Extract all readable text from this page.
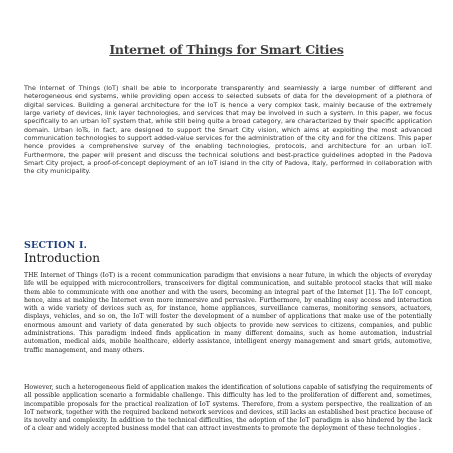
Internet of Things for Smart Cities
The Internet of Things (IoT) shall be able to incorporate transparently and seamlessly a large number of different and heterogeneous end systems, while providing open access to selected subsets of data for the development of a plethora of digital services. Building a general architecture for the IoT is hence a very complex task, mainly because of the extremely large variety of devices, link layer technologies, and services that may be involved in such a system. In this paper, we focus specifically to an urban IoT system that, while still being quite a broad category, are characterized by their specific application domain. Urban IoTs, in fact, are designed to support the Smart City vision, which aims at exploiting the most advanced communication technologies to support added-value services for the administration of the city and for the citizens. This paper hence provides a comprehensive survey of the enabling technologies, protocols, and architecture for an urban IoT. Furthermore, the paper will present and discuss the technical solutions and best-practice guidelines adopted in the Padova Smart City project, a proof-of-concept deployment of an IoT island in the city of Padova, Italy, performed in collaboration with the city municipality.
SECTION I.
Introduction
THE Internet of Things (IoT) is a recent communication paradigm that envisions a near future, in which the objects of everyday life will be equipped with microcontrollers, transceivers for digital communication, and suitable protocol stacks that will make them able to communicate with one another and with the users, becoming an integral part of the Internet [1]. The IoT concept, hence, aims at making the Internet even more immersive and pervasive. Furthermore, by enabling easy access and interaction with a wide variety of devices such as, for instance, home appliances, surveillance cameras, monitoring sensors, actuators, displays, vehicles, and so on, the IoT will foster the development of a number of applications that make use of the potentially enormous amount and variety of data generated by such objects to provide new services to citizens, companies, and public administrations. This paradigm indeed finds application in many different domains, such as home automation, industrial automation, medical aids, mobile healthcare, elderly assistance, intelligent energy management and smart grids, automotive, traffic management, and many others.
However, such a heterogeneous field of application makes the identification of solutions capable of satisfying the requirements of all possible application scenario a formidable challenge. This difficulty has led to the proliferation of different and, sometimes, incompatible proposals for the practical realization of IoT systems. Therefore, from a system perspective, the realization of an IoT network, together with the required backend network services and devices, still lacks an established best practice because of its novelty and complexity. In addition to the technical difficulties, the adoption of the IoT paradigm is also hindered by the lack of a clear and widely accepted business model that can attract investments to promote the deployment of these technologies .
